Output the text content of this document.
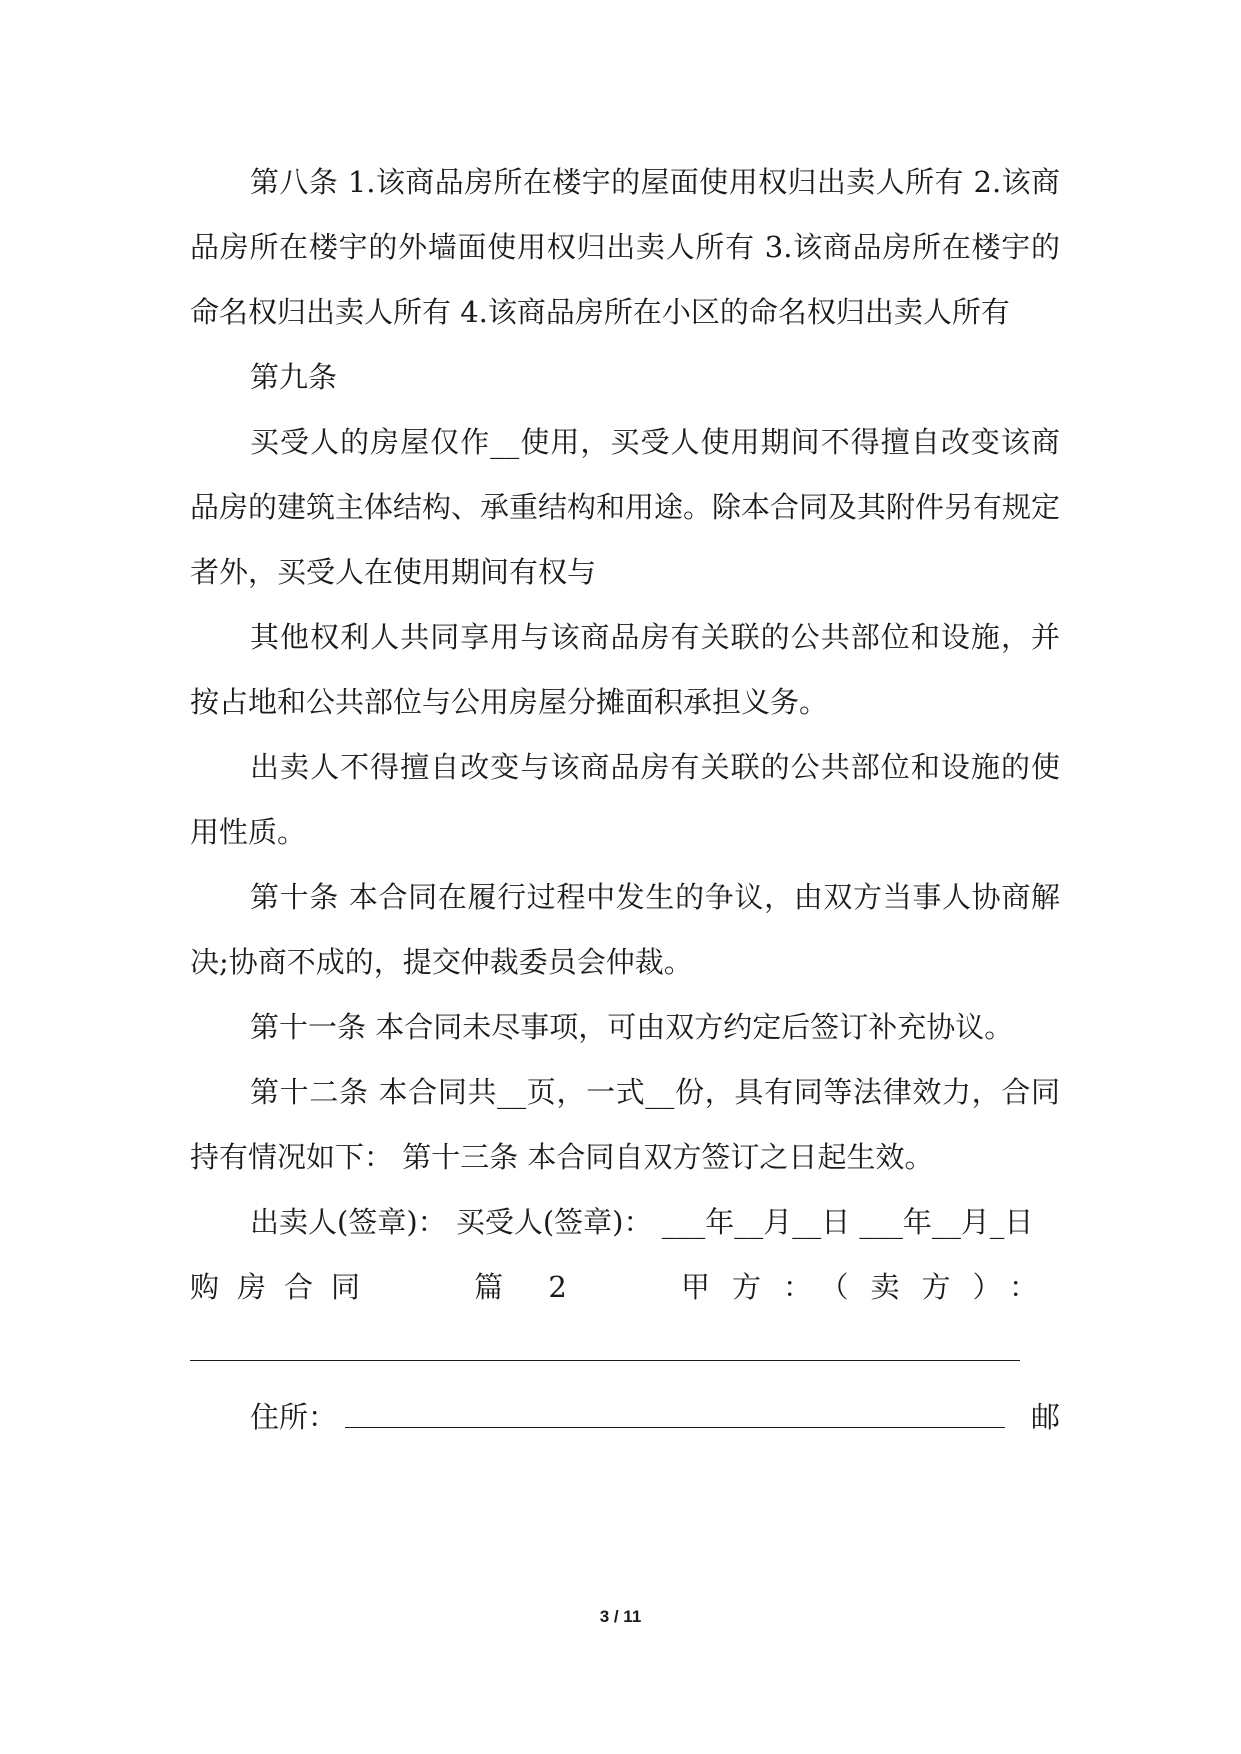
第八条 1.该商品房所在楼宇的屋面使用权归出卖人所有 2.该商品房所在楼宇的外墙面使用权归出卖人所有 3.该商品房所在楼宇的命名权归出卖人所有 4.该商品房所在小区的命名权归出卖人所有

第九条

买受人的房屋仅作__使用，买受人使用期间不得擅自改变该商品房的建筑主体结构、承重结构和用途。除本合同及其附件另有规定者外，买受人在使用期间有权与

其他权利人共同享用与该商品房有关联的公共部位和设施，并按占地和公共部位与公用房屋分摊面积承担义务。

出卖人不得擅自改变与该商品房有关联的公共部位和设施的使用性质。

第十条 本合同在履行过程中发生的争议，由双方当事人协商解决;协商不成的，提交仲裁委员会仲裁。

第十一条 本合同未尽事项，可由双方约定后签订补充协议。

第十二条 本合同共__页，一式__份，具有同等法律效力，合同持有情况如下： 第十三条 本合同自双方签订之日起生效。

出卖人(签章)： 买受人(签章)： ___年__月__日 ___年__月_日

购房合同	篇 2	甲方：（卖方）：
住所：	邮
3 / 11
